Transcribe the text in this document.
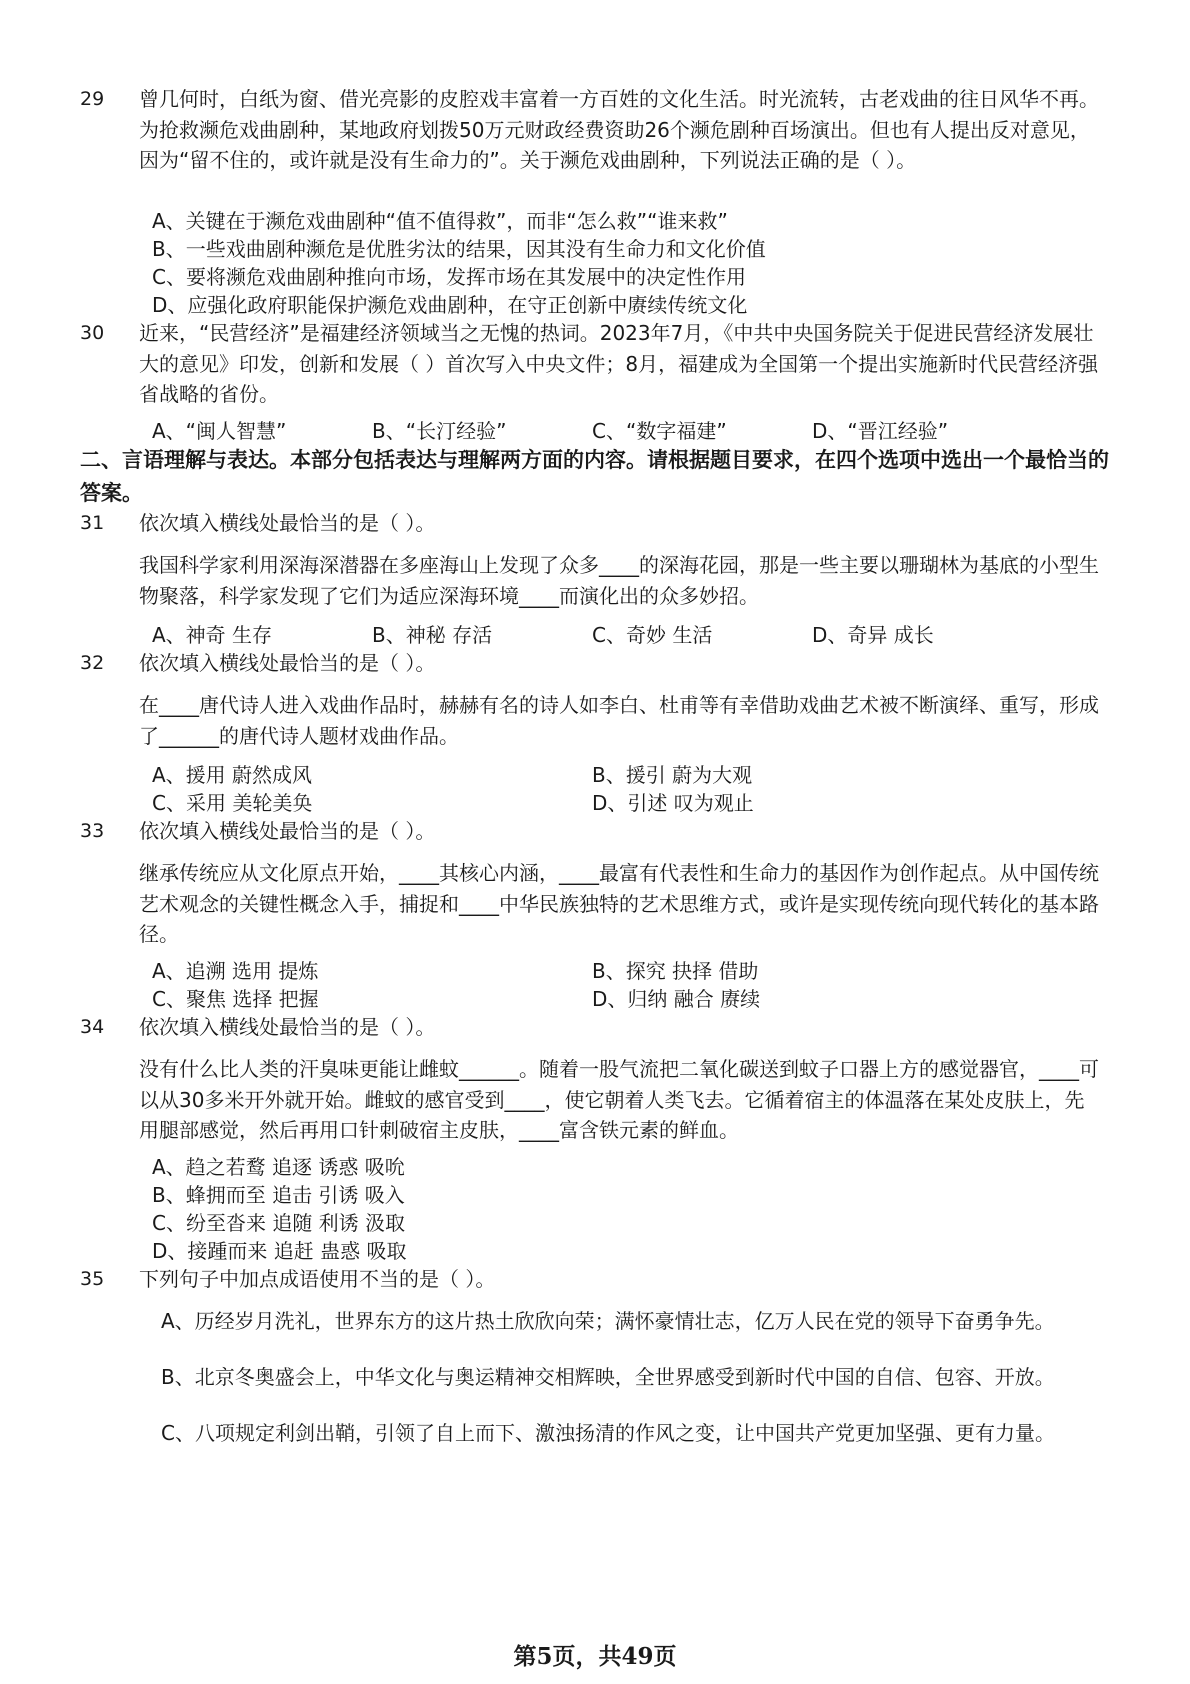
29 曾几何时，白纸为窗、借光亮影的皮腔戏丰富着一方百姓的文化生活。时光流转，古老戏曲的往日风华不再。为抢救濒危戏曲剧种，某地政府划拨50万元财政经费资助26个濒危剧种百场演出。但也有人提出反对意见，因为“留不住的，或许就是没有生命力的”。关于濒危戏曲剧种，下列说法正确的是（ ）。

A、关键在于濒危戏曲剧种“值不值得救”，而非“怎么救”“谁来救”
B、一些戏曲剧种濒危是优胜劣汰的结果，因其没有生命力和文化价值
C、要将濒危戏曲剧种推向市场，发挥市场在其发展中的决定性作用
D、应强化政府职能保护濒危戏曲剧种，在守正创新中赓续传统文化
30 近来，“民营经济”是福建经济领域当之无愧的热词。2023年7月，《中共中央国务院关于促进民营经济发展壮大的意见》印发，创新和发展（ ）首次写入中央文件；8月，福建成为全国第一个提出实施新时代民营经济强省战略的省份。

A、“闽人智慧”	B、“长汀经验”	C、“数字福建”	D、“晋江经验”
二、言语理解与表达。本部分包括表达与理解两方面的内容。请根据题目要求，在四个选项中选出一个最恰当的答案。
31 依次填入横线处最恰当的是（ ）。

我国科学家利用深海深潜器在多座海山上发现了众多____的深海花园，那是一些主要以珊瑚林为基底的小型生物聚落，科学家发现了它们为适应深海环境____而演化出的众多妙招。

A、神奇 生存	B、神秘 存活	C、奇妙 生活	D、奇异 成长
32 依次填入横线处最恰当的是（ ）。

在____唐代诗人进入戏曲作品时，赫赫有名的诗人如李白、杜甫等有幸借助戏曲艺术被不断演绎、重写，形成了______的唐代诗人题材戏曲作品。

A、援用 蔚然成风	B、援引 蔚为大观
C、采用 美轮美奂	D、引述 叹为观止
33 依次填入横线处最恰当的是（ ）。

继承传统应从文化原点开始，____其核心内涵，____最富有代表性和生命力的基因作为创作起点。从中国传统艺术观念的关键性概念入手，捕捉和____中华民族独特的艺术思维方式，或许是实现传统向现代转化的基本路径。

A、追溯 选用 提炼	B、探究 抉择 借助
C、聚焦 选择 把握	D、归纳 融合 赓续
34 依次填入横线处最恰当的是（ ）。

没有什么比人类的汗臭味更能让雌蚊______。随着一股气流把二氧化碳送到蚊子口器上方的感觉器官，____可以从30多米开外就开始。雌蚊的感官受到____，使它朝着人类飞去。它循着宿主的体温落在某处皮肤上，先用腿部感觉，然后再用口针刺破宿主皮肤，____富含铁元素的鲜血。

A、趋之若鹜 追逐 诱惑 吸吮
B、蜂拥而至 追击 引诱 吸入
C、纷至沓来 追随 利诱 汲取
D、接踵而来 追赶 蛊惑 吸取
35 下列句子中加点成语使用不当的是（ ）。
A、历经岁月洗礼，世界东方的这片热土欣欣向荣；满怀豪情壮志，亿万人民在党的领导下奋勇争先。
B、北京冬奥盛会上，中华文化与奥运精神交相辉映，全世界感受到新时代中国的自信、包容、开放。
C、八项规定利剑出鞘，引领了自上而下、激浊扬清的作风之变，让中国共产党更加坚强、更有力量。
第5页，共49页
